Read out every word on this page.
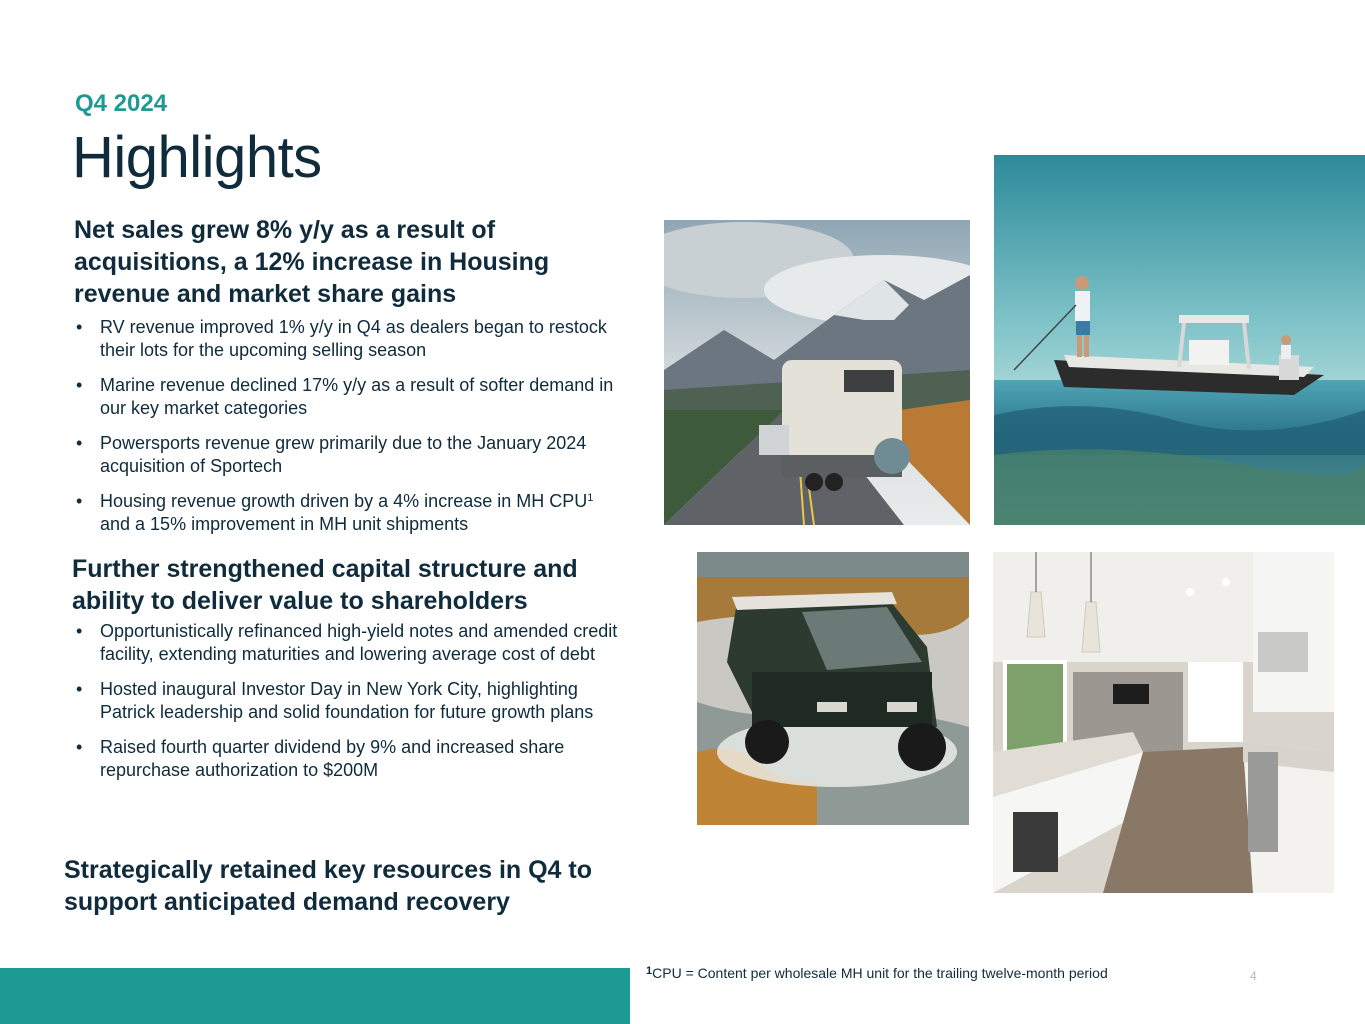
Q4 2024
Highlights
Net sales grew 8% y/y as a result of acquisitions, a 12% increase in Housing revenue and market share gains
• RV revenue improved 1% y/y in Q4 as dealers began to restock their lots for the upcoming selling season
• Marine revenue declined 17% y/y as a result of softer demand in our key market categories
• Powersports revenue grew primarily due to the January 2024 acquisition of Sportech
• Housing revenue growth driven by a 4% increase in MH CPU$^1$ and a 15% improvement in MH unit shipments
Further strengthened capital structure and ability to deliver value to shareholders
• Opportunistically refinanced high-yield notes and amended credit facility, extending maturities and lowering average cost of debt
• Hosted inaugural Investor Day in New York City, highlighting Patrick leadership and solid foundation for future growth plans
• Raised fourth quarter dividend by 9% and increased share repurchase authorization to $200M
Strategically retained key resources in Q4 to support anticipated demand recovery
$^1$CPU = Content per wholesale MH unit for the trailing twelve-month period	4
